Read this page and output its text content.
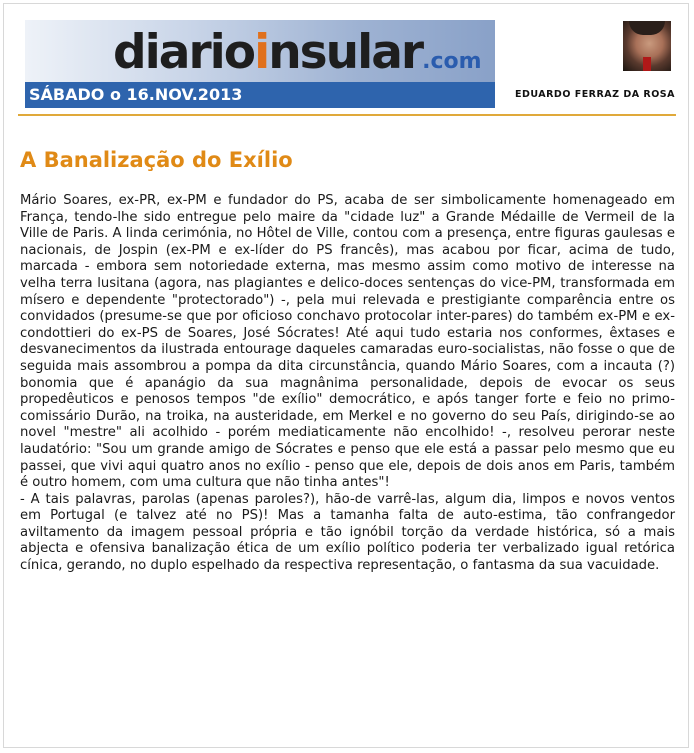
diarioinsular.com
SÁBADO o 16.NOV.2013	EDUARDO FERRAZ DA ROSA
A Banalização do Exílio

Mário Soares, ex-PR, ex-PM e fundador do PS, acaba de ser simbolicamente homenageado em França, tendo-lhe sido entregue pelo maire da "cidade luz" a Grande Médaille de Vermeil de la Ville de Paris. A linda cerimónia, no Hôtel de Ville, contou com a presença, entre figuras gaulesas e nacionais, de Jospin (ex-PM e ex-líder do PS francês), mas acabou por ficar, acima de tudo, marcada - embora sem notoriedade externa, mas mesmo assim como motivo de interesse na velha terra lusitana (agora, nas plagiantes e delico-doces sentenças do vice-PM, transformada em mísero e dependente "protectorado") -, pela mui relevada e prestigiante comparência entre os convidados (presume-se que por oficioso conchavo protocolar inter-pares) do também ex-PM e ex-condottieri do ex-PS de Soares, José Sócrates! Até aqui tudo estaria nos conformes, êxtases e desvanecimentos da ilustrada entourage daqueles camaradas euro-socialistas, não fosse o que de seguida mais assombrou a pompa da dita circunstância, quando Mário Soares, com a incauta (?) bonomia que é apanágio da sua magnânima personalidade, depois de evocar os seus propedêuticos e penosos tempos "de exílio" democrático, e após tanger forte e feio no primo-comissário Durão, na troika, na austeridade, em Merkel e no governo do seu País, dirigindo-se ao novel "mestre" ali acolhido - porém mediaticamente não encolhido! -, resolveu perorar neste laudatório: "Sou um grande amigo de Sócrates e penso que ele está a passar pelo mesmo que eu passei, que vivi aqui quatro anos no exílio - penso que ele, depois de dois anos em Paris, também é outro homem, com uma cultura que não tinha antes"!

- A tais palavras, parolas (apenas paroles?), hão-de varrê-las, algum dia, limpos e novos ventos em Portugal (e talvez até no PS)! Mas a tamanha falta de auto-estima, tão confrangedor aviltamento da imagem pessoal própria e tão ignóbil torção da verdade histórica, só a mais abjecta e ofensiva banalização ética de um exílio político poderia ter verbalizado igual retórica cínica, gerando, no duplo espelhado da respectiva representação, o fantasma da sua vacuidade.
